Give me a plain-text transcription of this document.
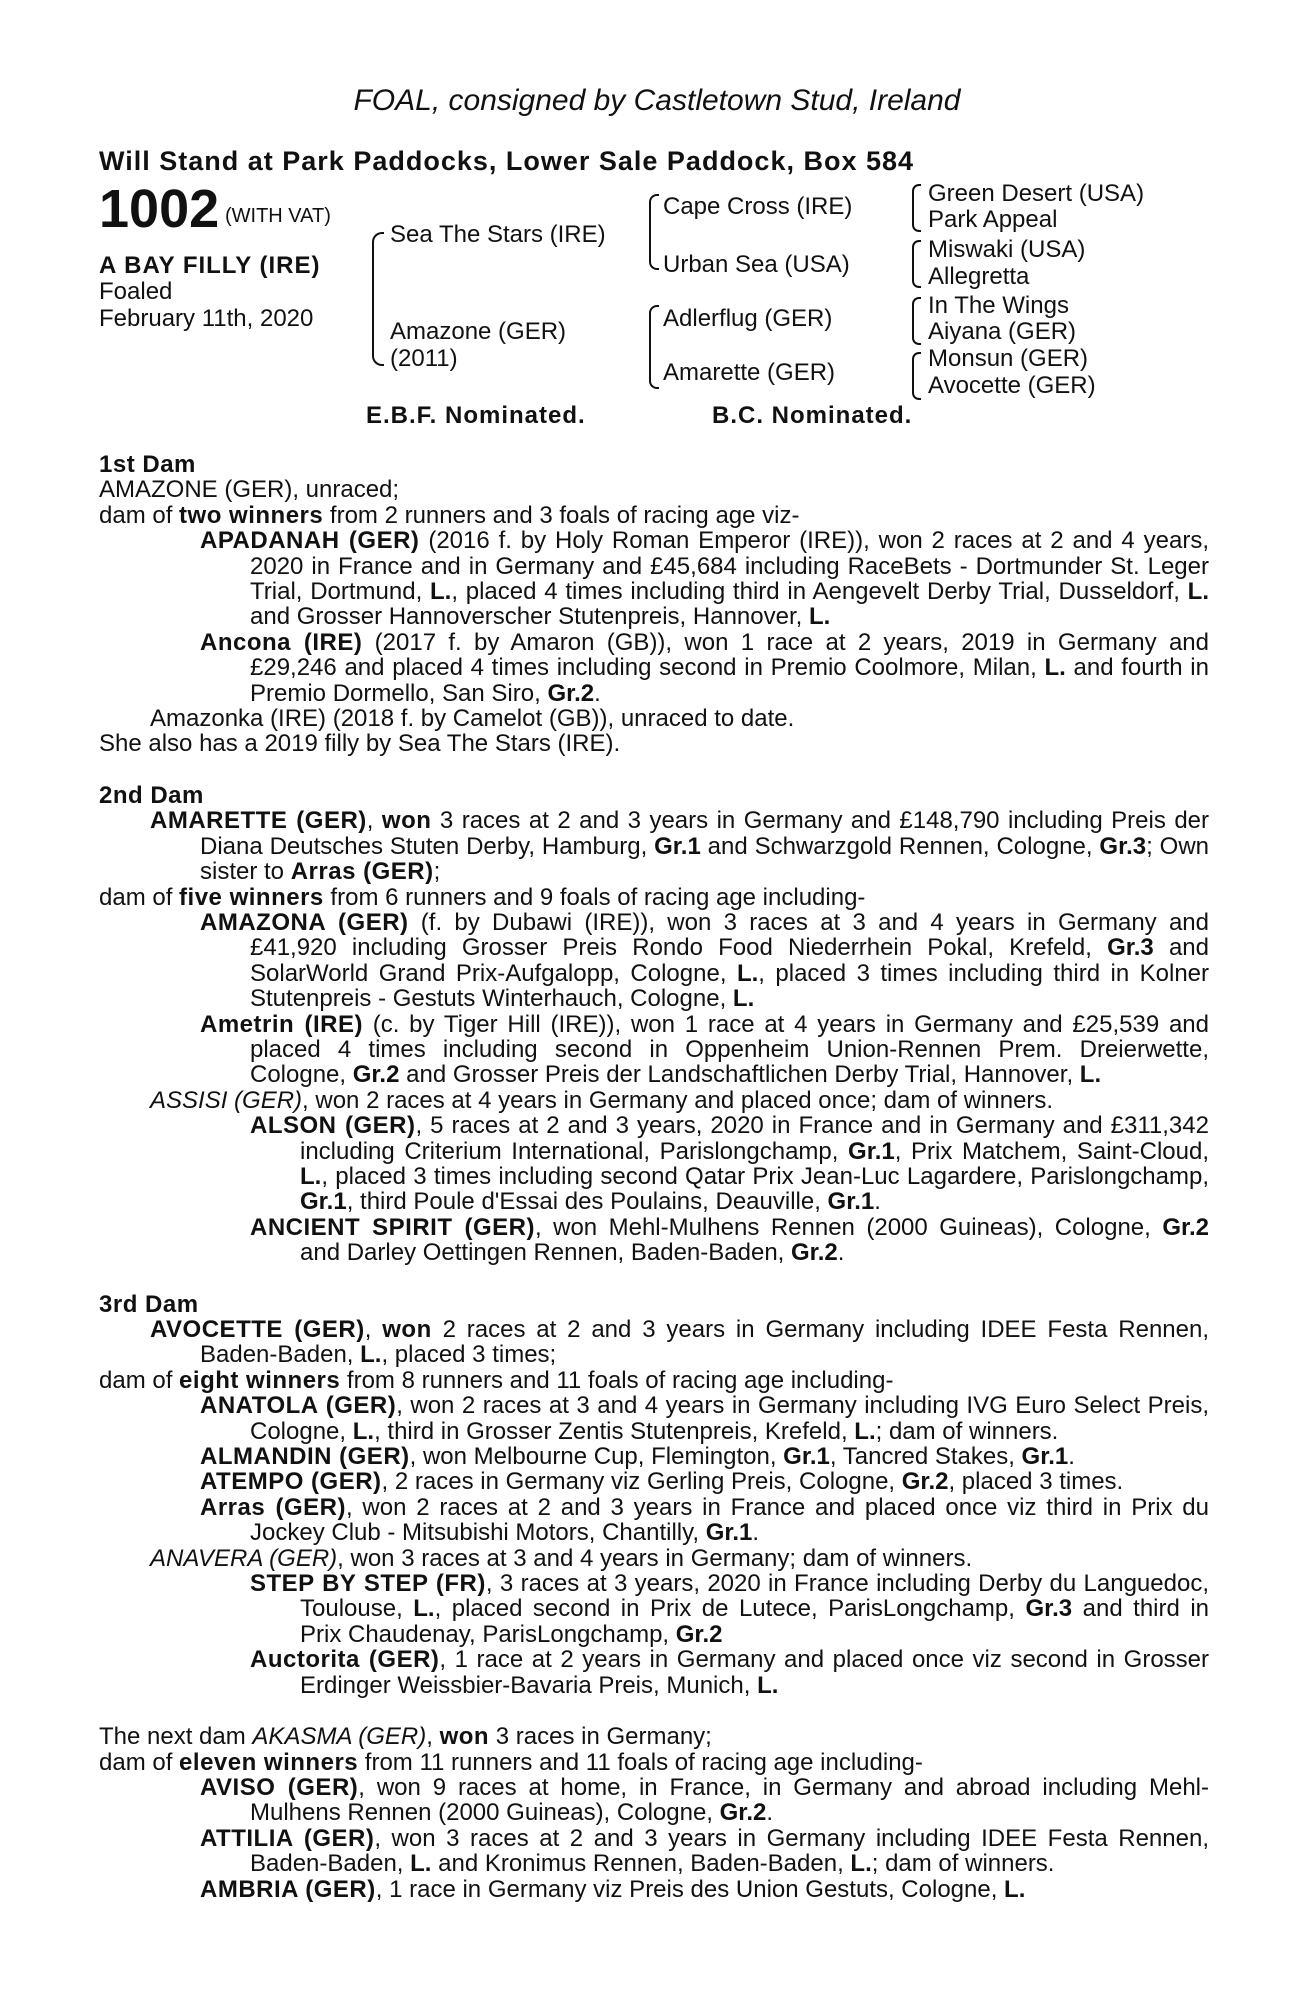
FOAL, consigned by Castletown Stud, Ireland
Will Stand at Park Paddocks, Lower Sale Paddock, Box 584
1002 (WITH VAT)
A BAY FILLY (IRE)
Foaled
February 11th, 2020
Sea The Stars (IRE)
Amazone (GER)
(2011)
Cape Cross (IRE)
Urban Sea (USA)
Adlerflug (GER)
Amarette (GER)
Green Desert (USA)
Park Appeal
Miswaki (USA)
Allegretta
In The Wings
Aiyana (GER)
Monsun (GER)
Avocette (GER)
E.B.F. Nominated.	B.C. Nominated.

1st Dam

AMAZONE (GER), unraced;

dam of two winners from 2 runners and 3 foals of racing age viz-

APADANAH (GER) (2016 f. by Holy Roman Emperor (IRE)), won 2 races at 2 and 4 years, 2020 in France and in Germany and £45,684 including RaceBets - Dortmunder St. Leger Trial, Dortmund, L., placed 4 times including third in Aengevelt Derby Trial, Dusseldorf, L. and Grosser Hannoverscher Stutenpreis, Hannover, L.

Ancona (IRE) (2017 f. by Amaron (GB)), won 1 race at 2 years, 2019 in Germany and £29,246 and placed 4 times including second in Premio Coolmore, Milan, L. and fourth in Premio Dormello, San Siro, Gr.2.

Amazonka (IRE) (2018 f. by Camelot (GB)), unraced to date.

She also has a 2019 filly by Sea The Stars (IRE).

2nd Dam

AMARETTE (GER), won 3 races at 2 and 3 years in Germany and £148,790 including Preis der Diana Deutsches Stuten Derby, Hamburg, Gr.1 and Schwarzgold Rennen, Cologne, Gr.3; Own sister to Arras (GER);

dam of five winners from 6 runners and 9 foals of racing age including-

AMAZONA (GER) (f. by Dubawi (IRE)), won 3 races at 3 and 4 years in Germany and £41,920 including Grosser Preis Rondo Food Niederrhein Pokal, Krefeld, Gr.3 and SolarWorld Grand Prix-Aufgalopp, Cologne, L., placed 3 times including third in Kolner Stutenpreis - Gestuts Winterhauch, Cologne, L.

Ametrin (IRE) (c. by Tiger Hill (IRE)), won 1 race at 4 years in Germany and £25,539 and placed 4 times including second in Oppenheim Union-Rennen Prem. Dreierwette, Cologne, Gr.2 and Grosser Preis der Landschaftlichen Derby Trial, Hannover, L.

ASSISI (GER), won 2 races at 4 years in Germany and placed once; dam of winners.

ALSON (GER), 5 races at 2 and 3 years, 2020 in France and in Germany and £311,342 including Criterium International, Parislongchamp, Gr.1, Prix Matchem, Saint-Cloud, L., placed 3 times including second Qatar Prix Jean-Luc Lagardere, Parislongchamp, Gr.1, third Poule d'Essai des Poulains, Deauville, Gr.1.

ANCIENT SPIRIT (GER), won Mehl-Mulhens Rennen (2000 Guineas), Cologne, Gr.2 and Darley Oettingen Rennen, Baden-Baden, Gr.2.

3rd Dam

AVOCETTE (GER), won 2 races at 2 and 3 years in Germany including IDEE Festa Rennen, Baden-Baden, L., placed 3 times;

dam of eight winners from 8 runners and 11 foals of racing age including-

ANATOLA (GER), won 2 races at 3 and 4 years in Germany including IVG Euro Select Preis, Cologne, L., third in Grosser Zentis Stutenpreis, Krefeld, L.; dam of winners.

ALMANDIN (GER), won Melbourne Cup, Flemington, Gr.1, Tancred Stakes, Gr.1.

ATEMPO (GER), 2 races in Germany viz Gerling Preis, Cologne, Gr.2, placed 3 times.

Arras (GER), won 2 races at 2 and 3 years in France and placed once viz third in Prix du Jockey Club - Mitsubishi Motors, Chantilly, Gr.1.

ANAVERA (GER), won 3 races at 3 and 4 years in Germany; dam of winners.

STEP BY STEP (FR), 3 races at 3 years, 2020 in France including Derby du Languedoc, Toulouse, L., placed second in Prix de Lutece, ParisLongchamp, Gr.3 and third in Prix Chaudenay, ParisLongchamp, Gr.2

Auctorita (GER), 1 race at 2 years in Germany and placed once viz second in Grosser Erdinger Weissbier-Bavaria Preis, Munich, L.

The next dam AKASMA (GER), won 3 races in Germany;

dam of eleven winners from 11 runners and 11 foals of racing age including-

AVISO (GER), won 9 races at home, in France, in Germany and abroad including Mehl-Mulhens Rennen (2000 Guineas), Cologne, Gr.2.

ATTILIA (GER), won 3 races at 2 and 3 years in Germany including IDEE Festa Rennen, Baden-Baden, L. and Kronimus Rennen, Baden-Baden, L.; dam of winners.

AMBRIA (GER), 1 race in Germany viz Preis des Union Gestuts, Cologne, L.
